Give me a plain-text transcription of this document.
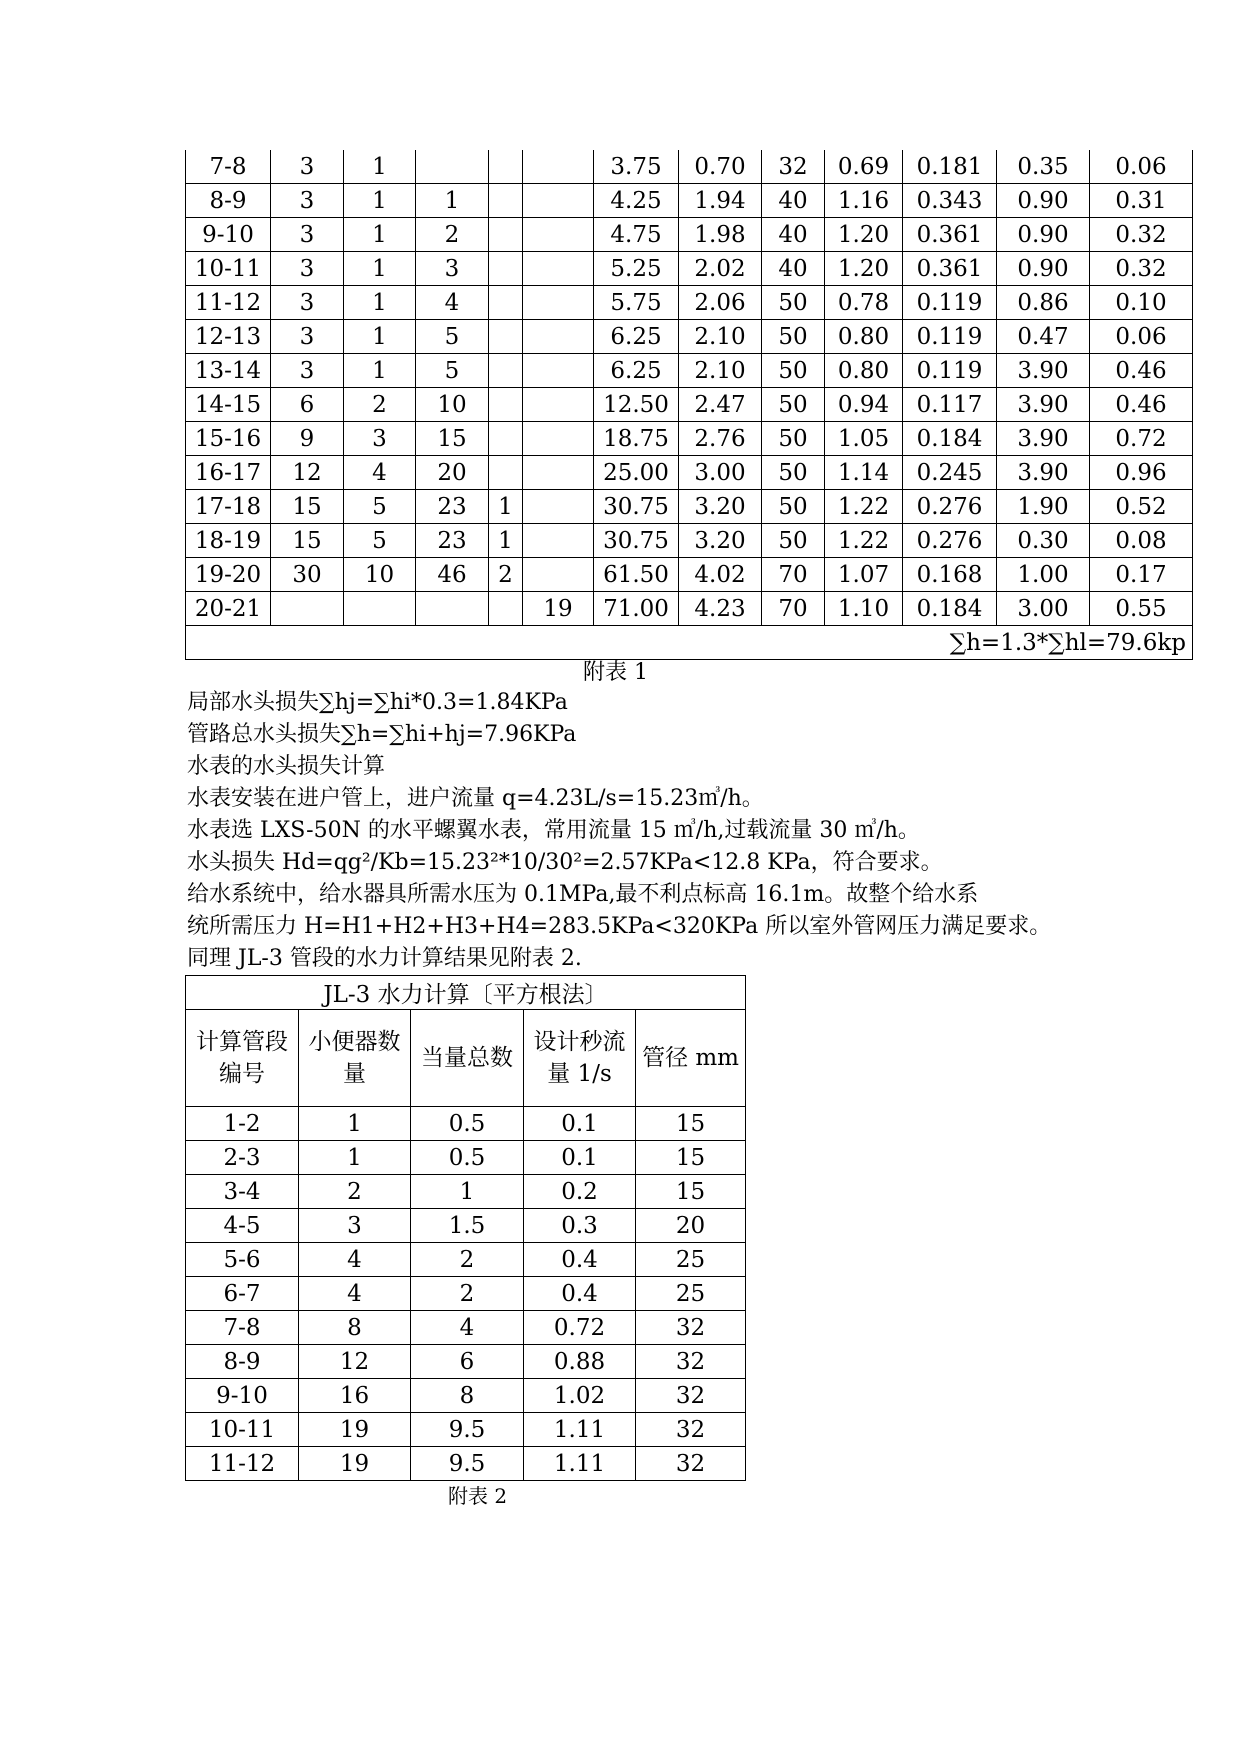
7-8	3	1				3.75	0.70	32	0.69	0.181	0.35	0.06
8-9	3	1	1			4.25	1.94	40	1.16	0.343	0.90	0.31
9-10	3	1	2			4.75	1.98	40	1.20	0.361	0.90	0.32
10-11	3	1	3			5.25	2.02	40	1.20	0.361	0.90	0.32
11-12	3	1	4			5.75	2.06	50	0.78	0.119	0.86	0.10
12-13	3	1	5			6.25	2.10	50	0.80	0.119	0.47	0.06
13-14	3	1	5			6.25	2.10	50	0.80	0.119	3.90	0.46
14-15	6	2	10			12.50	2.47	50	0.94	0.117	3.90	0.46
15-16	9	3	15			18.75	2.76	50	1.05	0.184	3.90	0.72
16-17	12	4	20			25.00	3.00	50	1.14	0.245	3.90	0.96
17-18	15	5	23	1		30.75	3.20	50	1.22	0.276	1.90	0.52
18-19	15	5	23	1		30.75	3.20	50	1.22	0.276	0.30	0.08
19-20	30	10	46	2		61.50	4.02	70	1.07	0.168	1.00	0.17
20-21					19	71.00	4.23	70	1.10	0.184	3.00	0.55
∑h=1.3*∑hl=79.6kp												
附表 1
局部水头损失∑hj=∑hi*0.3=1.84KPa
管路总水头损失∑h=∑hi+hj=7.96KPa
水表的水头损失计算
水表安装在进户管上，进户流量 q=4.23L/s=15.23㎥/h。
水表选 LXS-50N 的水平螺翼水表，常用流量 15 ㎥/h,过载流量 30 ㎥/h。
水头损失 Hd=qg²/Kb=15.23²*10/30²=2.57KPa<12.8 KPa，符合要求。
给水系统中，给水器具所需水压为 0.1MPa,最不利点标高 16.1m。故整个给水系
统所需压力 H=H1+H2+H3+H4=283.5KPa<320KPa 所以室外管网压力满足要求。
同理 JL-3 管段的水力计算结果见附表 2.
JL-3 水力计算〔平方根法〕				
计算管段编号	小便器数量	当量总数	设计秒流量 1/s	管径 mm
1-2	1	0.5	0.1	15
2-3	1	0.5	0.1	15
3-4	2	1	0.2	15
4-5	3	1.5	0.3	20
5-6	4	2	0.4	25
6-7	4	2	0.4	25
7-8	8	4	0.72	32
8-9	12	6	0.88	32
9-10	16	8	1.02	32
10-11	19	9.5	1.11	32
11-12	19	9.5	1.11	32
附表 2
